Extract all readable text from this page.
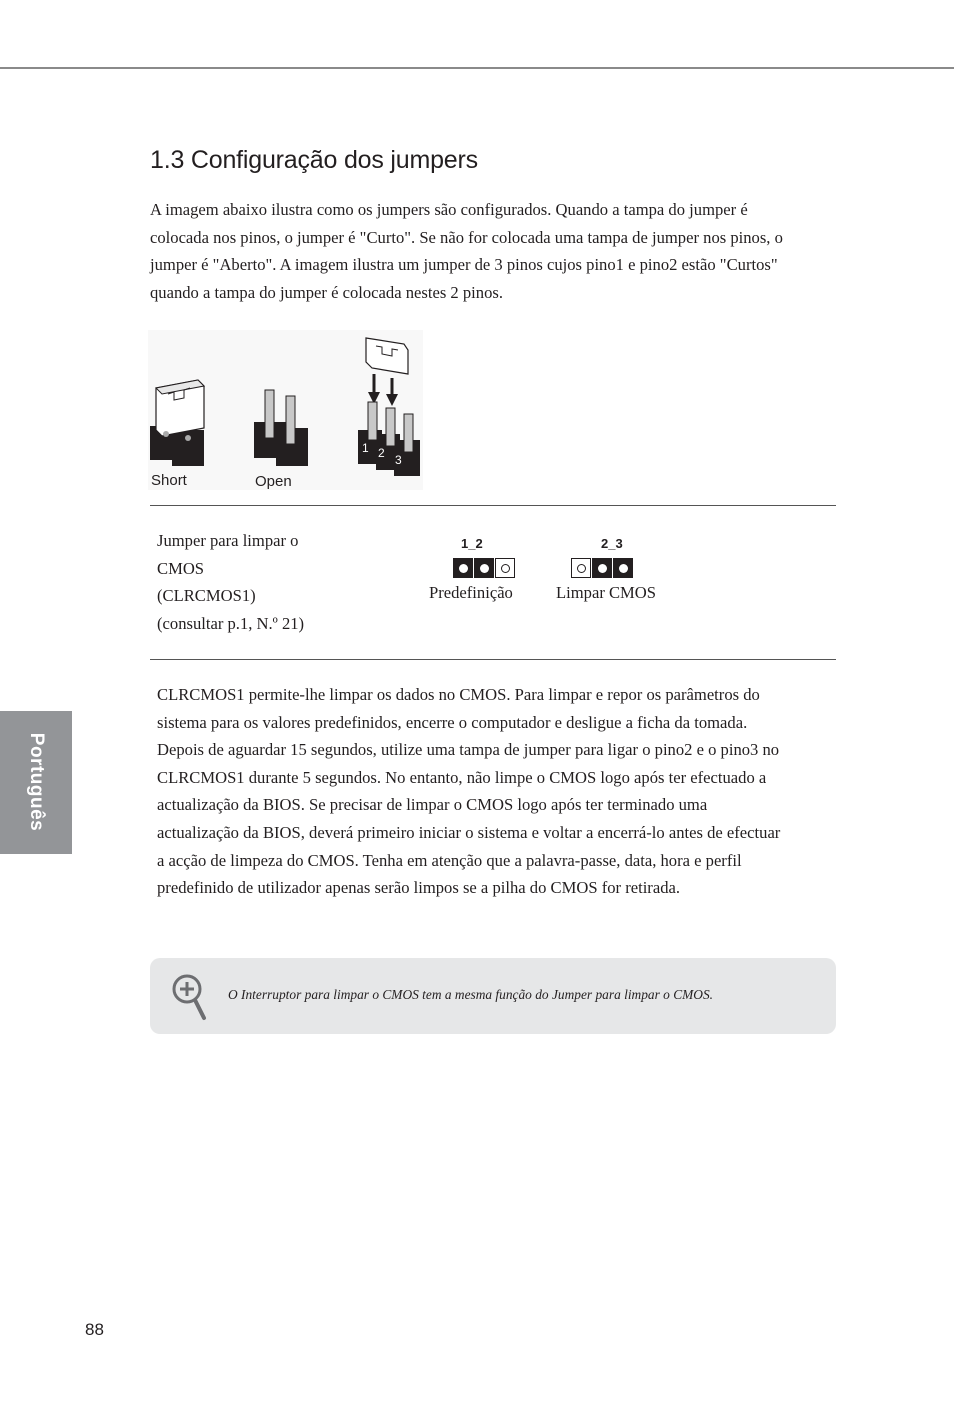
1.3 Configuração dos jumpers

A imagem abaixo ilustra como os jumpers são configurados. Quando a tampa do jumper é colocada nos pinos, o jumper é "Curto". Se não for colocada uma tampa de jumper nos pinos, o jumper é "Aberto". A imagem ilustra um jumper de 3 pinos cujos pino1 e pino2 estão "Curtos" quando a tampa do jumper é colocada nestes 2 pinos.

1 2 3
Short	Open
Jumper para limpar o
CMOS
(CLRCMOS1)
(consultar p.1, N.º 21)
1_2
Predefinição
2_3
Limpar CMOS

CLRCMOS1 permite-lhe limpar os dados no CMOS. Para limpar e repor os parâmetros do sistema para os valores predefinidos, encerre o computador e desligue a ficha da tomada. Depois de aguardar 15 segundos, utilize uma tampa de jumper para ligar o pino2 e o pino3 no CLRCMOS1 durante 5 segundos. No entanto, não limpe o CMOS logo após ter efectuado a actualização da BIOS. Se precisar de limpar o CMOS logo após ter terminado uma actualização da BIOS, deverá primeiro iniciar o sistema e voltar a encerrá-lo antes de efectuar a acção de limpeza do CMOS. Tenha em atenção que a palavra-passe, data, hora e perfil predefinido de utilizador apenas serão limpos se a pilha do CMOS for retirada.

O Interruptor para limpar o CMOS tem a mesma função do Jumper para limpar o CMOS.
Português
88
